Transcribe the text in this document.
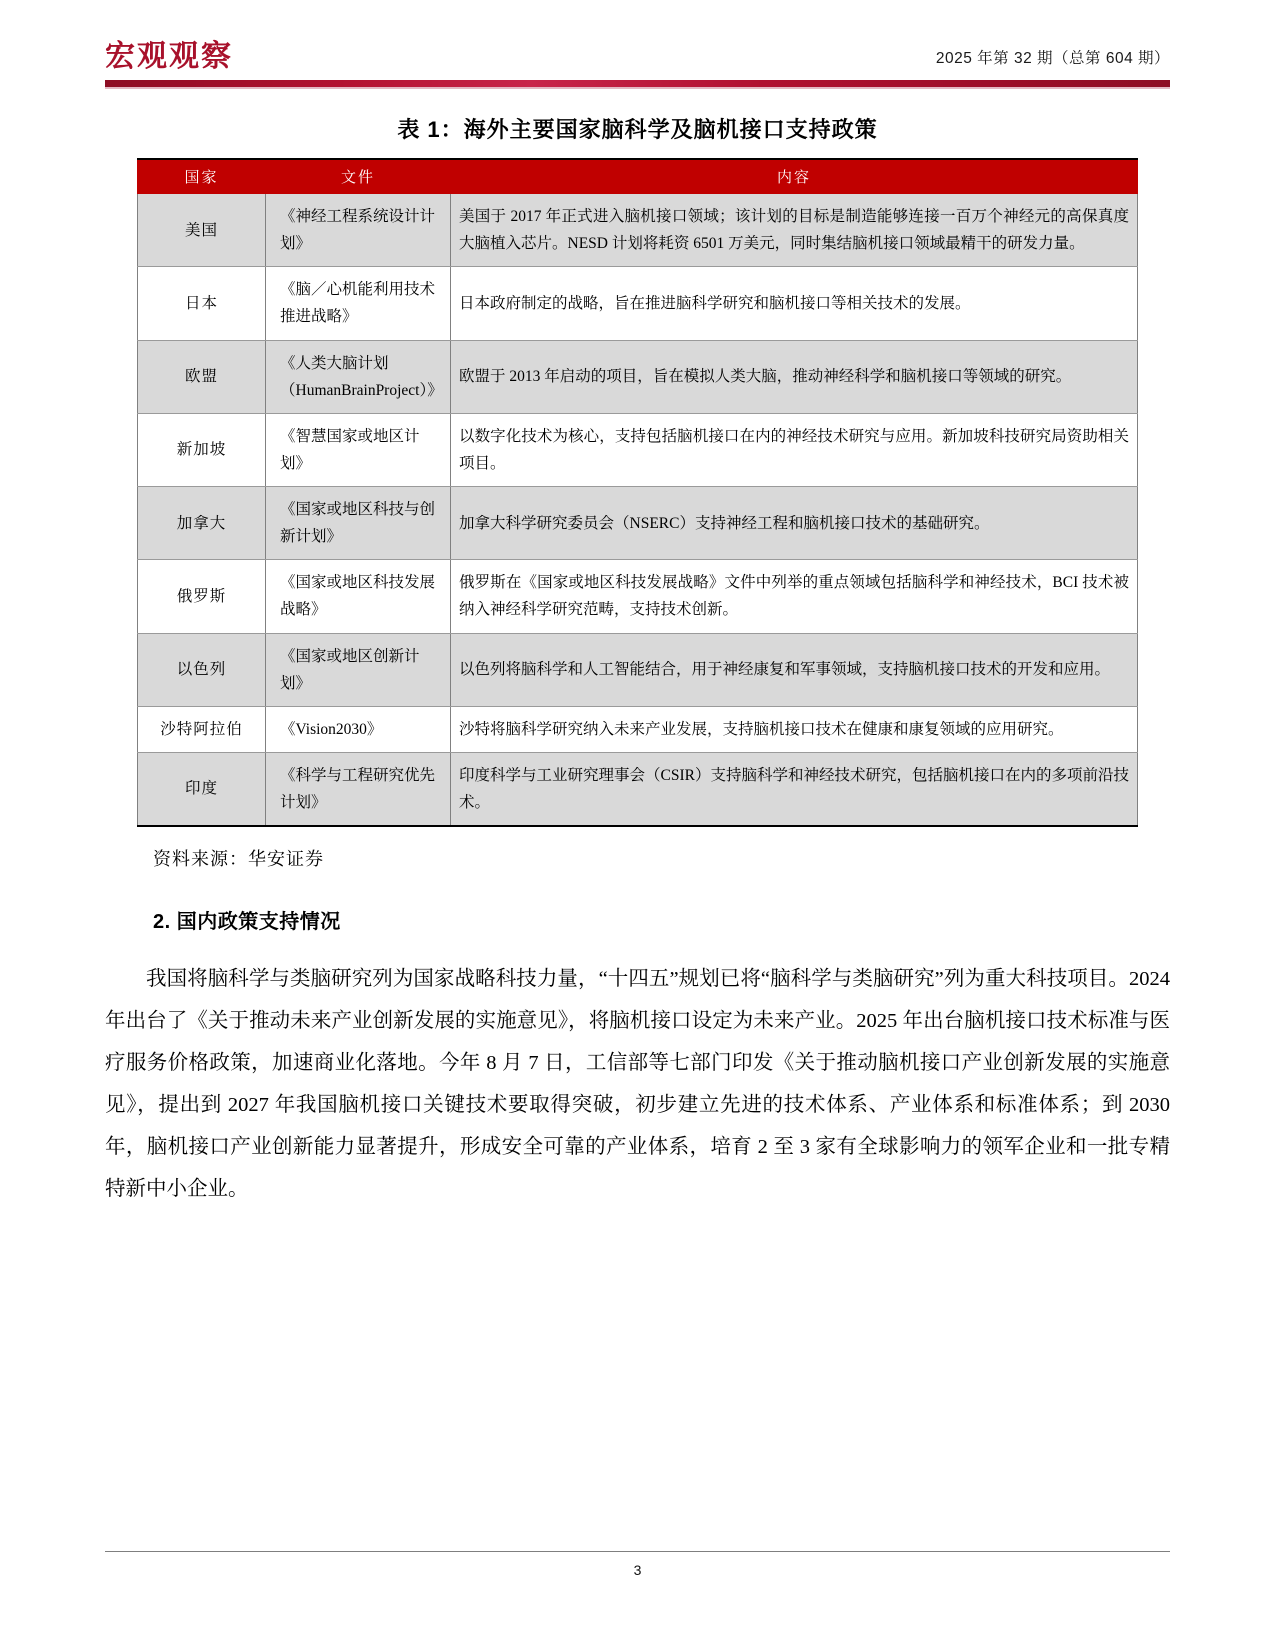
宏观观察	2025 年第 32 期（总第 604 期）
表 1：海外主要国家脑科学及脑机接口支持政策
国家	文件	内容
美国	《神经工程系统设计计划》	美国于 2017 年正式进入脑机接口领域；该计划的目标是制造能够连接一百万个神经元的高保真度大脑植入芯片。NESD 计划将耗资 6501 万美元，同时集结脑机接口领域最精干的研发力量。
日本	《脑／心机能利用技术推进战略》	日本政府制定的战略，旨在推进脑科学研究和脑机接口等相关技术的发展。
欧盟	《人类大脑计划（HumanBrainProject）》	欧盟于 2013 年启动的项目，旨在模拟人类大脑，推动神经科学和脑机接口等领域的研究。
新加坡	《智慧国家或地区计划》	以数字化技术为核心，支持包括脑机接口在内的神经技术研究与应用。新加坡科技研究局资助相关项目。
加拿大	《国家或地区科技与创新计划》	加拿大科学研究委员会（NSERC）支持神经工程和脑机接口技术的基础研究。
俄罗斯	《国家或地区科技发展战略》	俄罗斯在《国家或地区科技发展战略》文件中列举的重点领域包括脑科学和神经技术，BCI 技术被纳入神经科学研究范畴，支持技术创新。
以色列	《国家或地区创新计划》	以色列将脑科学和人工智能结合，用于神经康复和军事领域，支持脑机接口技术的开发和应用。
沙特阿拉伯	《Vision2030》	沙特将脑科学研究纳入未来产业发展，支持脑机接口技术在健康和康复领域的应用研究。
印度	《科学与工程研究优先计划》	印度科学与工业研究理事会（CSIR）支持脑科学和神经技术研究，包括脑机接口在内的多项前沿技术。
资料来源：华安证券
2. 国内政策支持情况
我国将脑科学与类脑研究列为国家战略科技力量，“十四五”规划已将“脑科学与类脑研究”列为重大科技项目。2024 年出台了《关于推动未来产业创新发展的实施意见》，将脑机接口设定为未来产业。2025 年出台脑机接口技术标准与医疗服务价格政策，加速商业化落地。今年 8 月 7 日，工信部等七部门印发《关于推动脑机接口产业创新发展的实施意见》，提出到 2027 年我国脑机接口关键技术要取得突破，初步建立先进的技术体系、产业体系和标准体系；到 2030 年，脑机接口产业创新能力显著提升，形成安全可靠的产业体系，培育 2 至 3 家有全球影响力的领军企业和一批专精特新中小企业。
3
